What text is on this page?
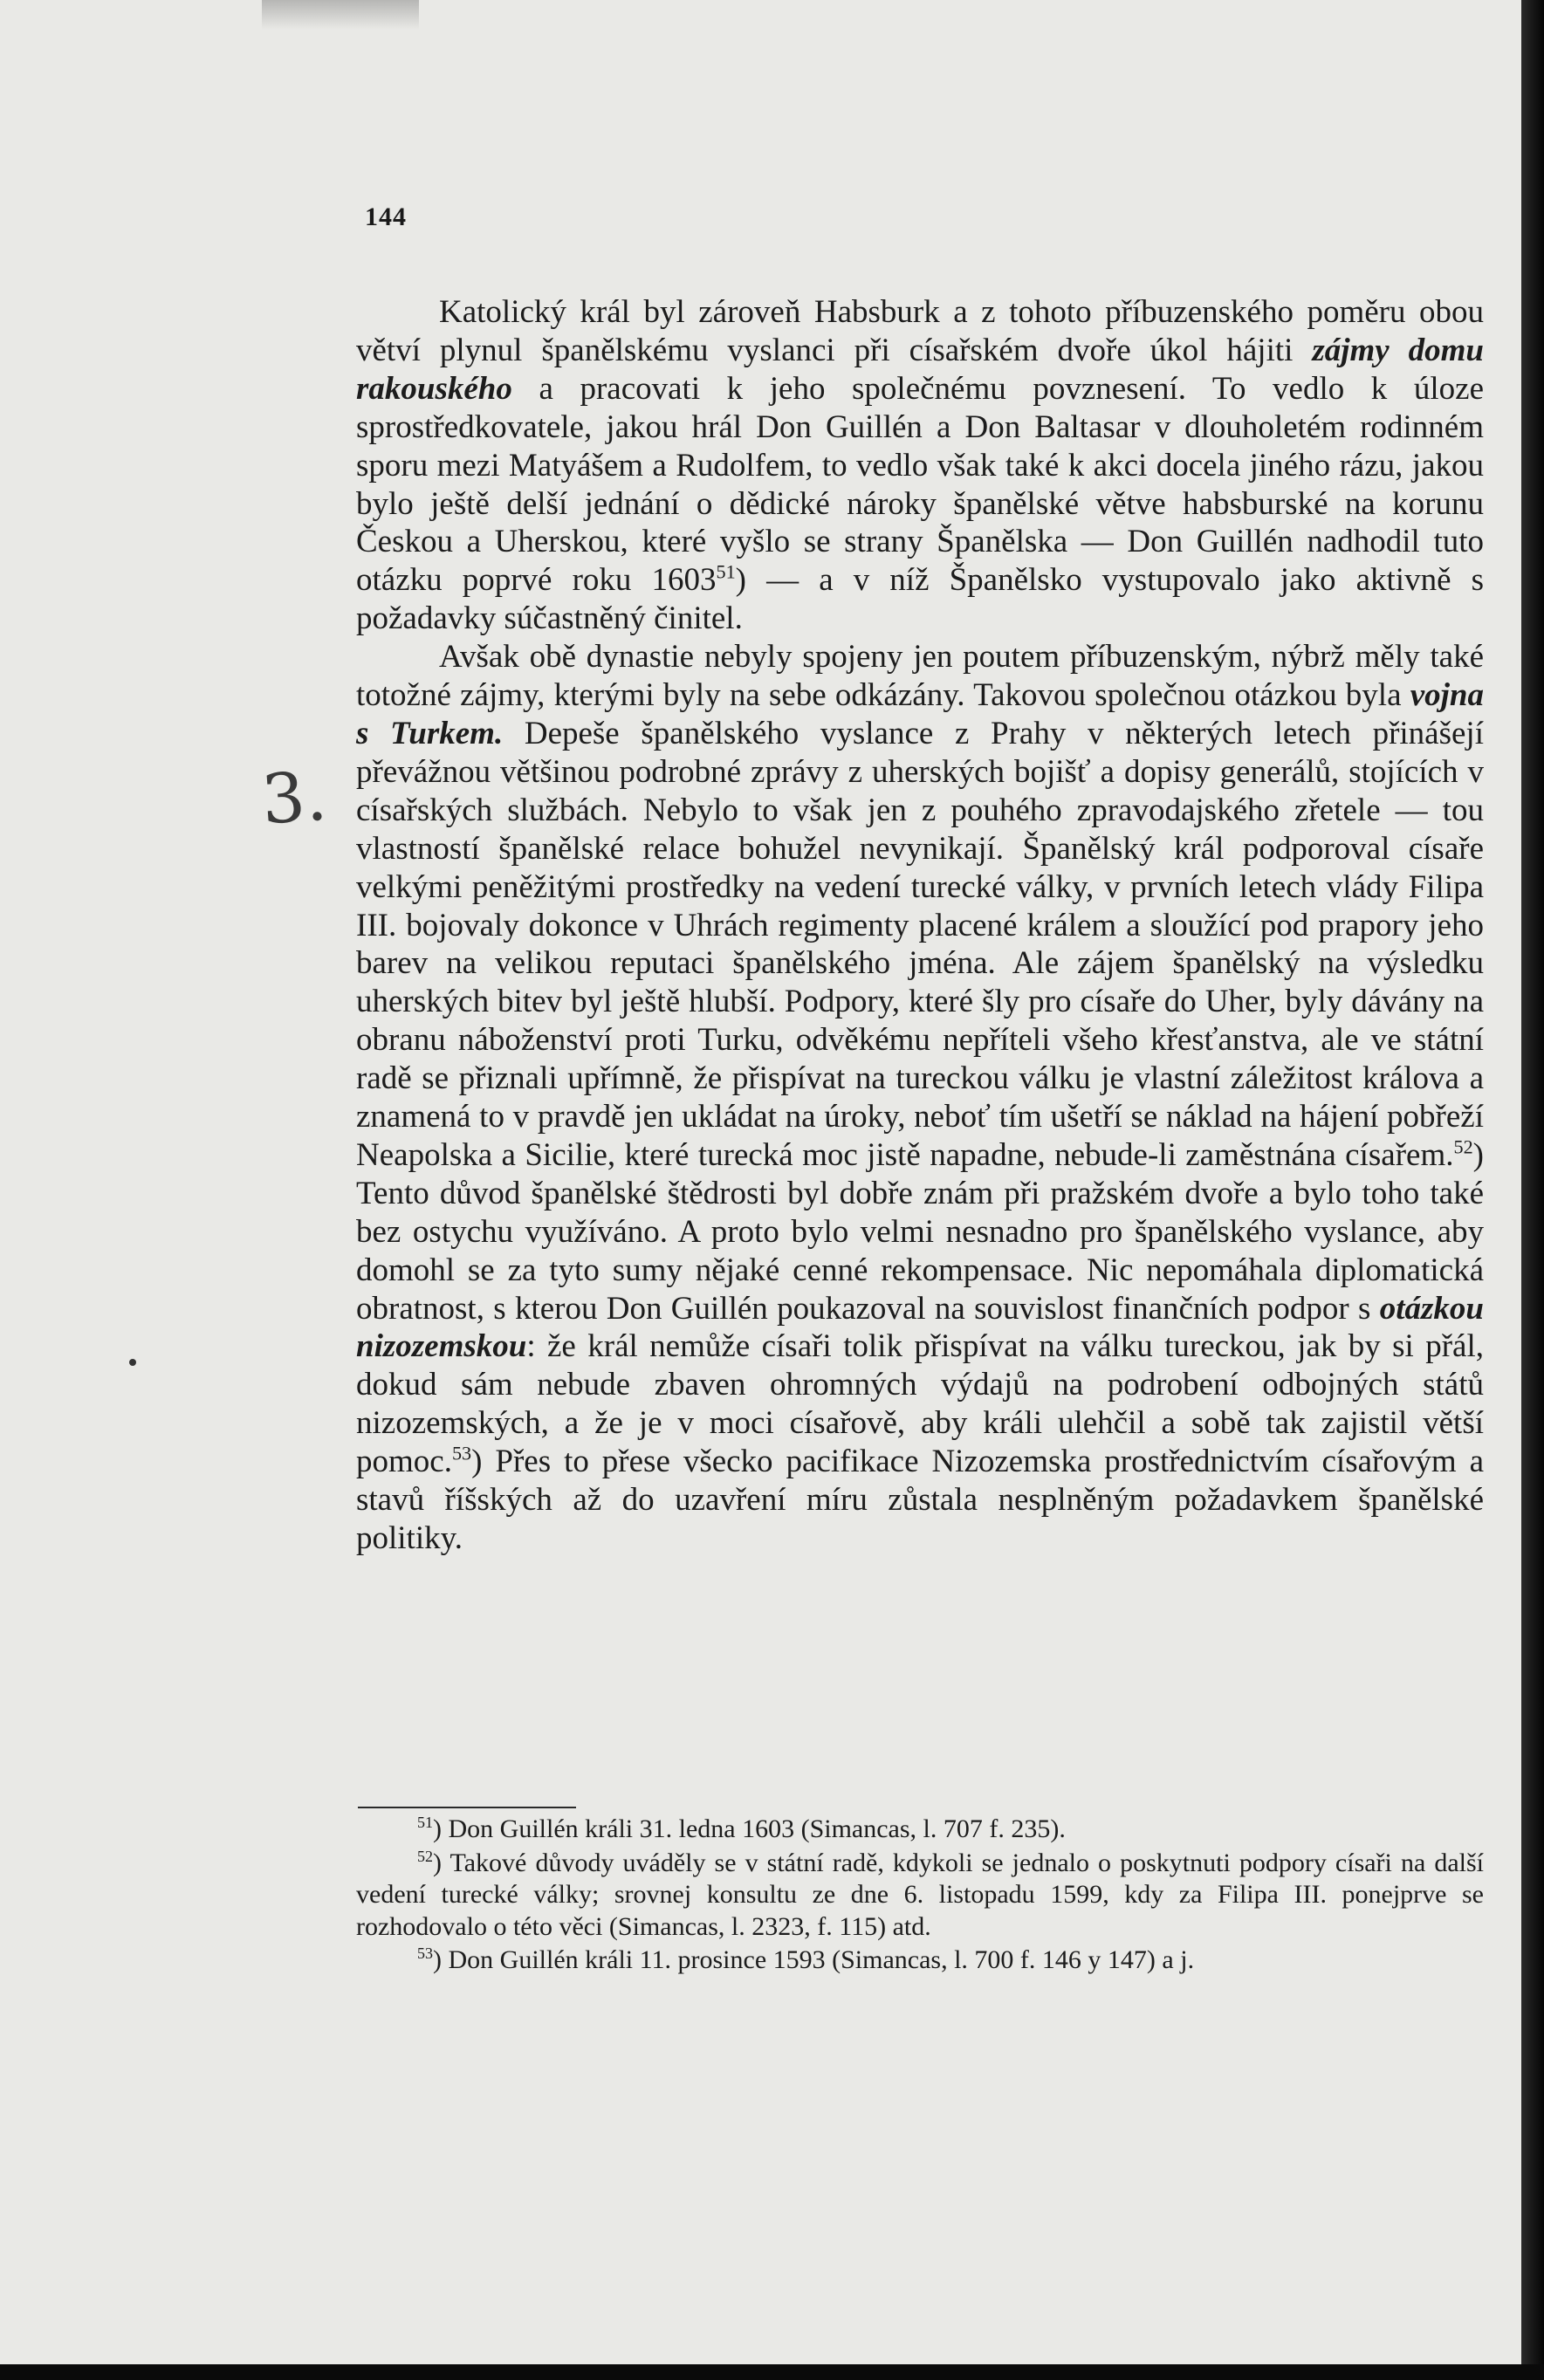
144
3.

Katolický král byl zároveň Habsburk a z tohoto příbuzenského poměru obou větví plynul španělskému vyslanci při císařském dvoře úkol hájiti zájmy domu rakouského a pracovati k jeho společnému povznesení. To vedlo k úloze sprostředkovatele, jakou hrál Don Guillén a Don Baltasar v dlouholetém rodinném sporu mezi Matyášem a Rudolfem, to vedlo však také k akci docela jiného rázu, jakou bylo ještě delší jednání o dědické nároky španělské větve habsburské na korunu Českou a Uherskou, které vyšlo se strany Španělska — Don Guillén nadhodil tuto otázku poprvé roku 1603$^{51}$) — a v níž Španělsko vystupovalo jako aktivně s požadavky súčastněný činitel.

Avšak obě dynastie nebyly spojeny jen poutem příbuzenským, nýbrž měly také totožné zájmy, kterými byly na sebe odkázány. Takovou společnou otázkou byla vojna s Turkem. Depeše španělského vyslance z Prahy v některých letech přinášejí převážnou většinou podrobné zprávy z uherských bojišť a dopisy generálů, stojících v císařských službách. Nebylo to však jen z pouhého zpravodajského zřetele — tou vlastností španělské relace bohužel nevynikají. Španělský král podporoval císaře velkými peněžitými prostředky na vedení turecké války, v prvních letech vlády Filipa III. bojovaly dokonce v Uhrách regimenty placené králem a sloužící pod prapory jeho barev na velikou reputaci španělského jména. Ale zájem španělský na výsledku uherských bitev byl ještě hlubší. Podpory, které šly pro císaře do Uher, byly dávány na obranu náboženství proti Turku, odvěkému nepříteli všeho křesťanstva, ale ve státní radě se přiznali upřímně, že přispívat na tureckou válku je vlastní záležitost králova a znamená to v pravdě jen ukládat na úroky, neboť tím ušetří se náklad na hájení pobřeží Neapolska a Sicilie, které turecká moc jistě napadne, nebude-li zaměstnána císařem.$^{52}$) Tento důvod španělské štědrosti byl dobře znám při pražském dvoře a bylo toho také bez ostychu využíváno. A proto bylo velmi nesnadno pro španělského vyslance, aby domohl se za tyto sumy nějaké cenné rekompensace. Nic nepomáhala diplomatická obratnost, s kterou Don Guillén poukazoval na souvislost finančních podpor s otázkou nizozemskou: že král nemůže císaři tolik přispívat na válku tureckou, jak by si přál, dokud sám nebude zbaven ohromných výdajů na podrobení odbojných států nizozemských, a že je v moci císařově, aby králi ulehčil a sobě tak zajistil větší pomoc.$^{53}$) Přes to přese všecko pacifikace Nizozemska prostřednictvím císařovým a stavů říšských až do uzavření míru zůstala nesplněným požadavkem španělské politiky.

$^{51}$) Don Guillén králi 31. ledna 1603 (Simancas, l. 707 f. 235).

$^{52}$) Takové důvody uváděly se v státní radě, kdykoli se jednalo o poskytnuti podpory císaři na další vedení turecké války; srovnej konsultu ze dne 6. listopadu 1599, kdy za Filipa III. ponejprve se rozhodovalo o této věci (Simancas, l. 2323, f. 115) atd.

$^{53}$) Don Guillén králi 11. prosince 1593 (Simancas, l. 700 f. 146 y 147) a j.
